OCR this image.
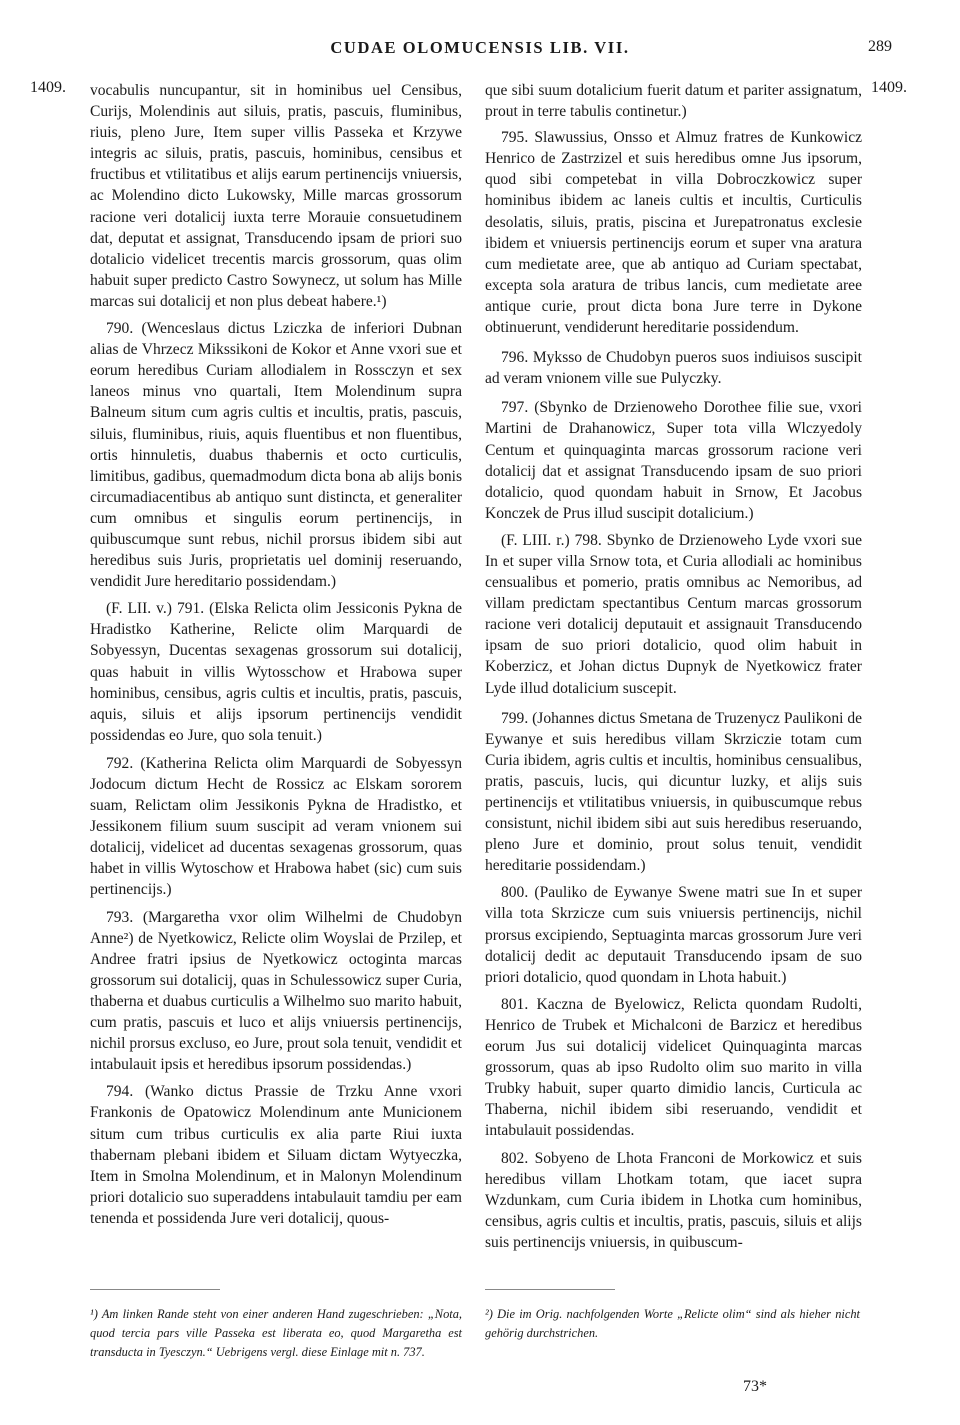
CUDAE OLOMUCENSIS LIB. VII.	289
1409.	1409.

vocabulis nuncupantur, sit in hominibus uel Censibus, Curijs, Molendinis aut siluis, pratis, pascuis, fluminibus, riuis, pleno Jure, Item super villis Passeka et Krzywe integris ac siluis, pratis, pascuis, hominibus, censibus et fructibus et vtilitatibus et alijs earum pertinencijs vniuersis, ac Molendino dicto Lukowsky, Mille marcas grossorum racione veri dotalicij iuxta terre Morauie consuetudinem dat, deputat et assignat, Transducendo ipsam de priori suo dotalicio videlicet trecentis marcis grossorum, quas olim habuit super predicto Castro Sowynecz, ut solum has Mille marcas sui dotalicij et non plus debeat habere.¹)

790. (Wenceslaus dictus Lziczka de inferiori Dubnan alias de Vhrzecz Mikssikoni de Kokor et Anne vxori sue et eorum heredibus Curiam allodialem in Rossczyn et sex laneos minus vno quartali, Item Molendinum supra Balneum situm cum agris cultis et incultis, pratis, pascuis, siluis, fluminibus, riuis, aquis fluentibus et non fluentibus, ortis hinnuletis, duabus thabernis et octo curticulis, limitibus, gadibus, quemadmodum dicta bona ab alijs bonis circumadiacentibus ab antiquo sunt distincta, et generaliter cum omnibus et singulis eorum pertinencijs, in quibuscumque sunt rebus, nichil prorsus ibidem sibi aut heredibus suis Juris, proprietatis uel dominij reseruando, vendidit Jure hereditario possidendam.)

(F. LII. v.) 791. (Elska Relicta olim Jessiconis Pykna de Hradistko Katherine, Relicte olim Marquardi de Sobyessyn, Ducentas sexagenas grossorum sui dotalicij, quas habuit in villis Wytosschow et Hrabowa super hominibus, censibus, agris cultis et incultis, pratis, pascuis, aquis, siluis et alijs ipsorum pertinencijs vendidit possidendas eo Jure, quo sola tenuit.)

792. (Katherina Relicta olim Marquardi de Sobyessyn Jodocum dictum Hecht de Rossicz ac Elskam sororem suam, Relictam olim Jessikonis Pykna de Hradistko, et Jessikonem filium suum suscipit ad veram vnionem sui dotalicij, videlicet ad ducentas sexagenas grossorum, quas habet in villis Wytoschow et Hrabowa habet (sic) cum suis pertinencijs.)

793. (Margaretha vxor olim Wilhelmi de Chudobyn Anne²) de Nyetkowicz, Relicte olim Woyslai de Przilep, et Andree fratri ipsius de Nyetkowicz octoginta marcas grossorum sui dotalicij, quas in Schulessowicz super Curia, thaberna et duabus curticulis a Wilhelmo suo marito habuit, cum pratis, pascuis et luco et alijs vniuersis pertinencijs, nichil prorsus excluso, eo Jure, prout sola tenuit, vendidit et intabulauit ipsis et heredibus ipsorum possidendas.)

794. (Wanko dictus Prassie de Trzku Anne vxori Frankonis de Opatowicz Molendinum ante Municionem situm cum tribus curticulis ex alia parte Riui iuxta thabernam plebani ibidem et Siluam dictam Wytyeczka, Item in Smolna Molendinum, et in Malonyn Molendinum priori dotalicio suo superaddens intabulauit tamdiu per eam tenenda et possidenda Jure veri dotalicij, quous-

que sibi suum dotalicium fuerit datum et pariter assignatum, prout in terre tabulis continetur.)

795. Slawussius, Onsso et Almuz fratres de Kunkowicz Henrico de Zastrzizel et suis heredibus omne Jus ipsorum, quod sibi competebat in villa Dobroczkowicz super hominibus ibidem ac laneis cultis et incultis, Curticulis desolatis, siluis, pratis, piscina et Jurepatronatus exclesie ibidem et vniuersis pertinencijs eorum et super vna aratura cum medietate aree, que ab antiquo ad Curiam spectabat, excepta sola aratura de tribus lancis, cum medietate aree antique curie, prout dicta bona Jure terre in Dykone obtinuerunt, vendiderunt hereditarie possidendum.

796. Myksso de Chudobyn pueros suos indiuisos suscipit ad veram vnionem ville sue Pulyczky.

797. (Sbynko de Drzienoweho Dorothee filie sue, vxori Martini de Drahanowicz, Super tota villa Wlczyedoly Centum et quinquaginta marcas grossorum racione veri dotalicij dat et assignat Transducendo ipsam de suo priori dotalicio, quod quondam habuit in Srnow, Et Jacobus Konczek de Prus illud suscipit dotalicium.)

(F. LIII. r.) 798. Sbynko de Drzienoweho Lyde vxori sue In et super villa Srnow tota, et Curia allodiali ac hominibus censualibus et pomerio, pratis omnibus ac Nemoribus, ad villam predictam spectantibus Centum marcas grossorum racione veri dotalicij deputauit et assignauit Transducendo ipsam de suo priori dotalicio, quod olim habuit in Koberzicz, et Johan dictus Dupnyk de Nyetkowicz frater Lyde illud dotalicium suscepit.

799. (Johannes dictus Smetana de Truzenycz Paulikoni de Eywanye et suis heredibus villam Skrziczie totam cum Curia ibidem, agris cultis et incultis, hominibus censualibus, pratis, pascuis, lucis, qui dicuntur luzky, et alijs suis pertinencijs et vtilitatibus vniuersis, in quibuscumque rebus consistunt, nichil ibidem sibi aut suis heredibus reseruando, pleno Jure et dominio, prout solus tenuit, vendidit hereditarie possidendam.)

800. (Pauliko de Eywanye Swene matri sue In et super villa tota Skrzicze cum suis vniuersis pertinencijs, nichil prorsus excipiendo, Septuaginta marcas grossorum Jure veri dotalicij dedit ac deputauit Transducendo ipsam de suo priori dotalicio, quod quondam in Lhota habuit.)

801. Kaczna de Byelowicz, Relicta quondam Rudolti, Henrico de Trubek et Michalconi de Barzicz et heredibus eorum Jus sui dotalicij videlicet Quinquaginta marcas grossorum, quas ab ipso Rudolto olim suo marito in villa Trubky habuit, super quarto dimidio lancis, Curticula ac Thaberna, nichil ibidem sibi reseruando, vendidit et intabulauit possidendas.

802. Sobyeno de Lhota Franconi de Morkowicz et suis heredibus villam Lhotkam totam, que iacet supra Wzdunkam, cum Curia ibidem in Lhotka cum hominibus, censibus, agris cultis et incultis, pratis, pascuis, siluis et alijs suis pertinencijs vniuersis, in quibuscum-

¹) Am linken Rande steht von einer anderen Hand zugeschrieben: „Nota, quod tercia pars ville Passeka est liberata eo, quod Margaretha est transducta in Tyesczyn.“ Uebrigens vergl. diese Einlage mit n. 737.
²) Die im Orig. nachfolgenden Worte „Relicte olim“ sind als hieher nicht gehörig durchstrichen.
73*
